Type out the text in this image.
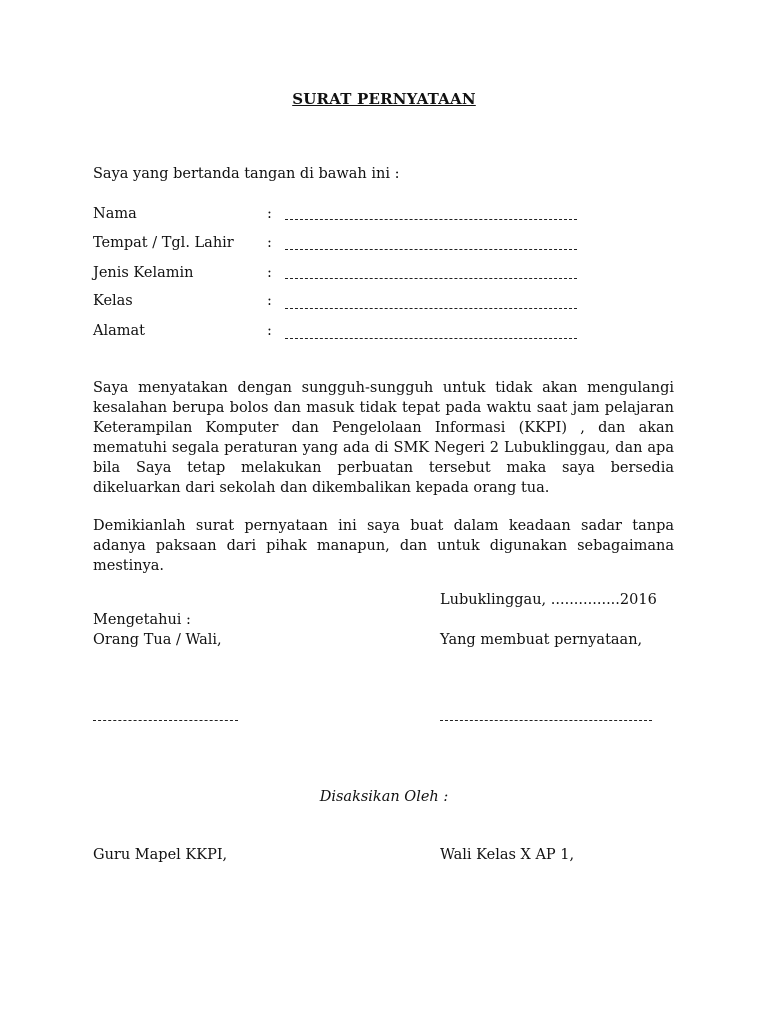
SURAT PERNYATAAN
Saya yang bertanda tangan di bawah ini :
Nama	:
Tempat / Tgl. Lahir :
Jenis Kelamin	:
Kelas	:
Alamat	:
Saya menyatakan dengan sungguh-sungguh untuk tidak akan mengulangi kesalahan berupa bolos dan masuk tidak tepat pada waktu saat jam pelajaran Keterampilan Komputer dan Pengelolaan Informasi (KKPI) , dan akan mematuhi segala peraturan yang ada di SMK Negeri 2 Lubuklinggau, dan apa bila Saya tetap melakukan perbuatan tersebut maka saya bersedia dikeluarkan dari sekolah dan dikembalikan kepada orang tua.
Demikianlah surat pernyataan ini saya buat dalam keadaan sadar tanpa adanya paksaan dari pihak manapun, dan untuk digunakan sebagaimana mestinya.
Lubuklinggau, ...............2016
Mengetahui :
Orang Tua / Wali,	Yang membuat pernyataan,
Disaksikan Oleh :
Guru Mapel KKPI,	Wali Kelas X AP 1,
